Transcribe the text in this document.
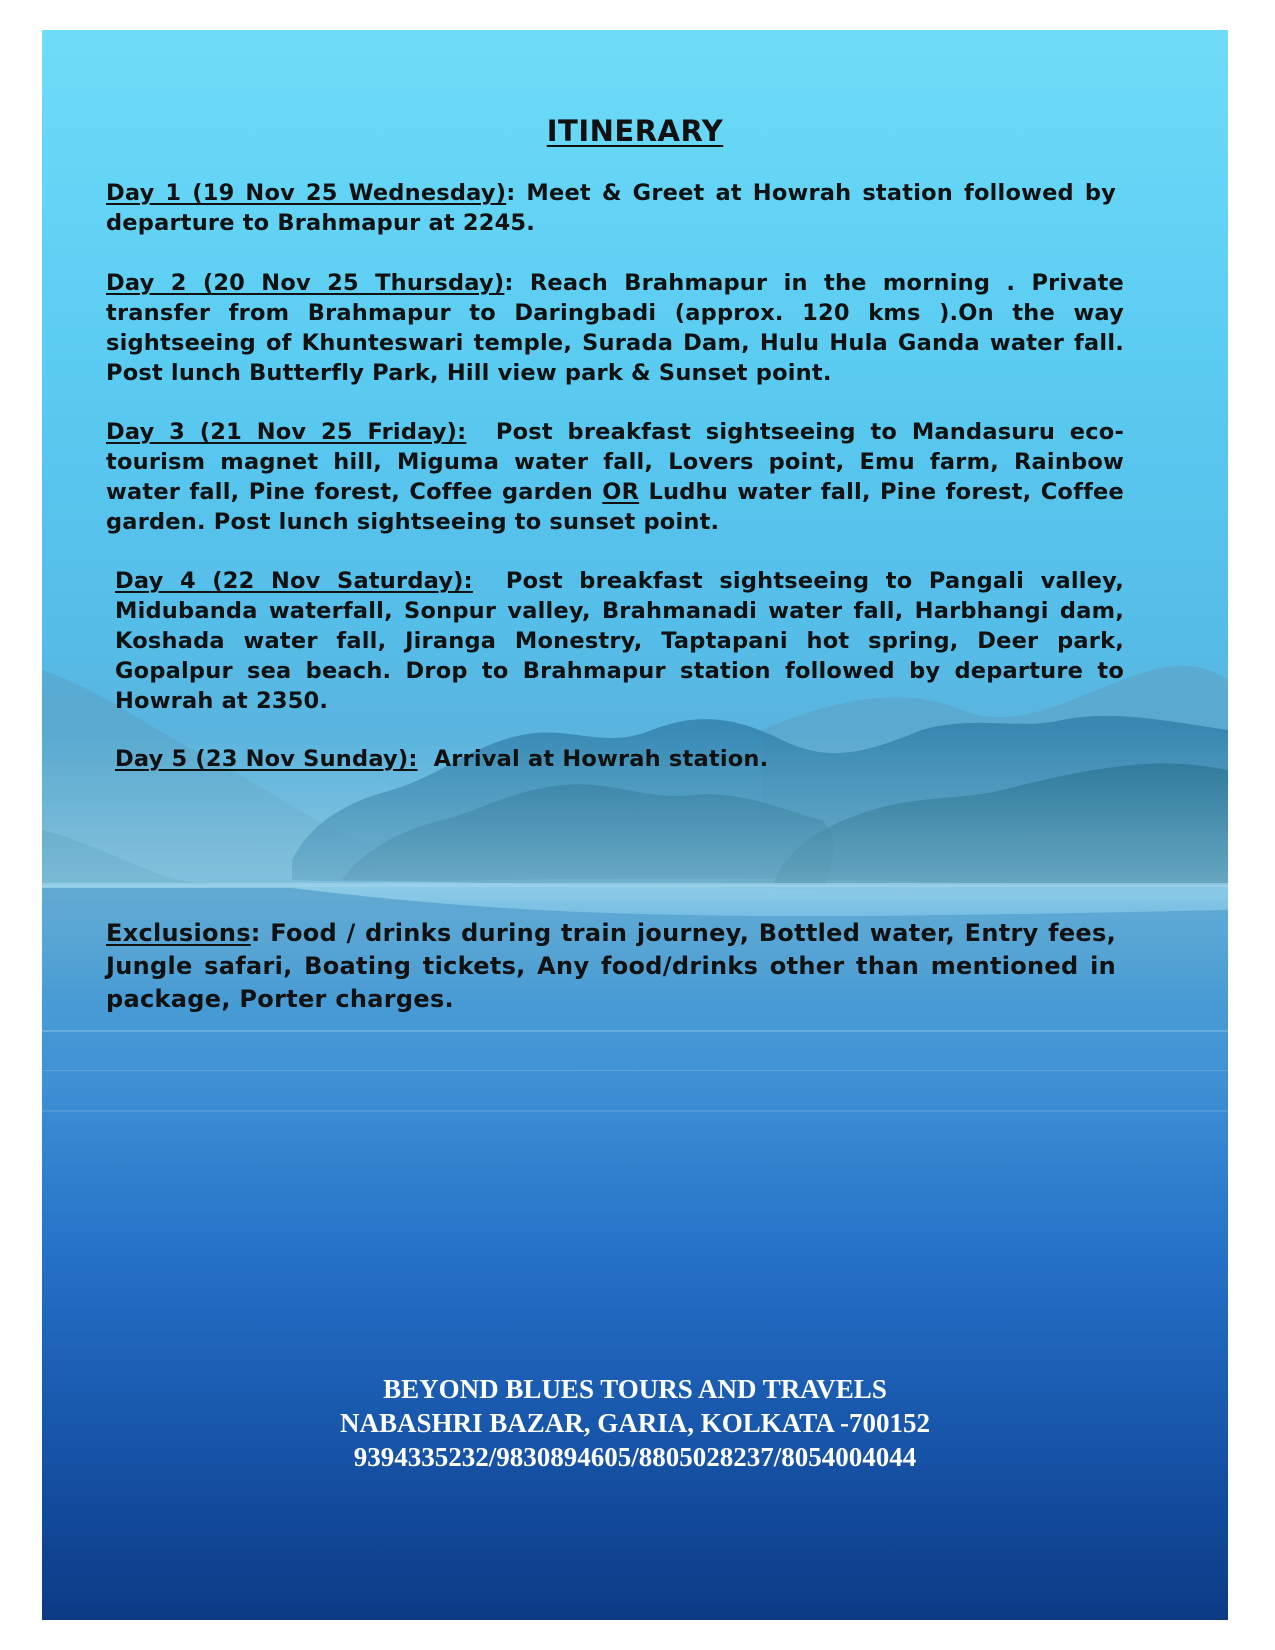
ITINERARY
Day 1 (19 Nov 25 Wednesday): Meet & Greet at Howrah station followed by departure to Brahmapur at 2245.
Day 2 (20 Nov 25 Thursday): Reach Brahmapur in the morning . Private transfer from Brahmapur to Daringbadi (approx. 120 kms ).On the way sightseeing of Khunteswari temple, Surada Dam, Hulu Hula Ganda water fall. Post lunch Butterfly Park, Hill view park & Sunset point.
Day 3 (21 Nov 25 Friday): Post breakfast sightseeing to Mandasuru eco-tourism magnet hill, Miguma water fall, Lovers point, Emu farm, Rainbow water fall, Pine forest, Coffee garden OR Ludhu water fall, Pine forest, Coffee garden. Post lunch sightseeing to sunset point.
Day 4 (22 Nov Saturday): Post breakfast sightseeing to Pangali valley, Midubanda waterfall, Sonpur valley, Brahmanadi water fall, Harbhangi dam, Koshada water fall, Jiranga Monestry, Taptapani hot spring, Deer park, Gopalpur sea beach. Drop to Brahmapur station followed by departure to Howrah at 2350.
Day 5 (23 Nov Sunday): Arrival at Howrah station.
Exclusions: Food / drinks during train journey, Bottled water, Entry fees, Jungle safari, Boating tickets, Any food/drinks other than mentioned in package, Porter charges.
BEYOND BLUES TOURS AND TRAVELS
NABASHRI BAZAR, GARIA, KOLKATA -700152
9394335232/9830894605/8805028237/8054004044
